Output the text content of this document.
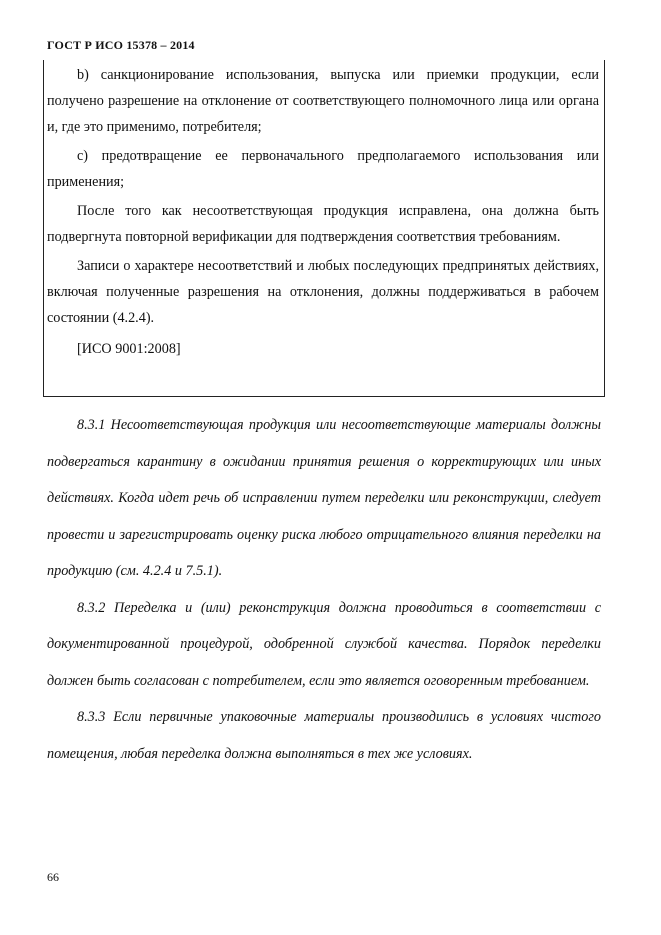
ГОСТ Р ИСО 15378 – 2014

b) санкционирование использования, выпуска или приемки продукции, если получено разрешение на отклонение от соответствующего полномочного лица или органа и, где это применимо, потребителя;

c) предотвращение ее первоначального предполагаемого использования или применения;

После того как несоответствующая продукция исправлена, она должна быть подвергнута повторной верификации для подтверждения соответствия требованиям.

Записи о характере несоответствий и любых последующих предпринятых действиях, включая полученные разрешения на отклонения, должны поддерживаться в рабочем состоянии (4.2.4).

[ИСО 9001:2008]

8.3.1 Несоответствующая продукция или несоответствующие материалы должны подвергаться карантину в ожидании принятия решения о корректирующих или иных действиях. Когда идет речь об исправлении путем переделки или реконструкции, следует провести и зарегистрировать оценку риска любого отрицательного влияния переделки на продукцию (см. 4.2.4 и 7.5.1).

8.3.2 Переделка и (или) реконструкция должна проводиться в соответствии с документированной процедурой, одобренной службой качества. Порядок переделки должен быть согласован с потребителем, если это является оговоренным требованием.

8.3.3 Если первичные упаковочные материалы производились в условиях чистого помещения, любая переделка должна выполняться в тех же условиях.

66
